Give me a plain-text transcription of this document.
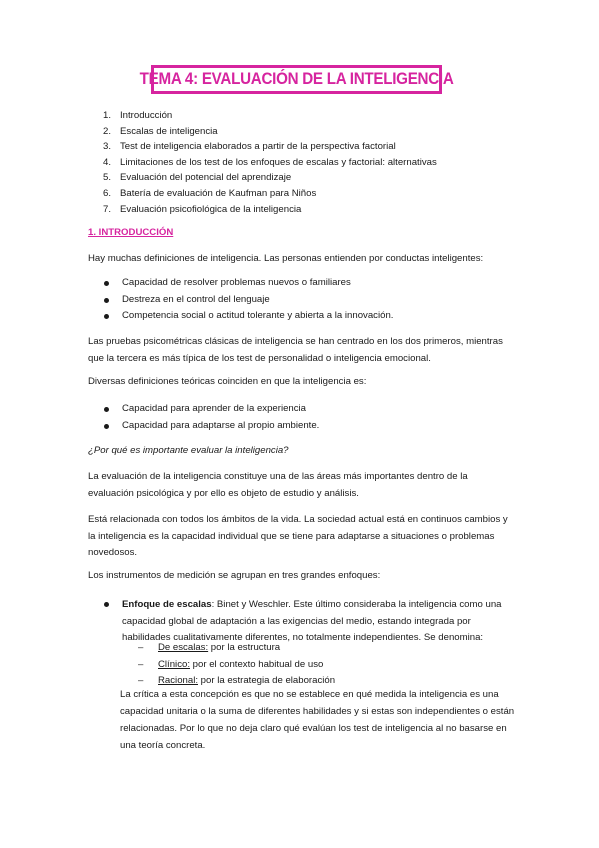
TEMA 4: EVALUACIÓN DE LA INTELIGENCIA
1. Introducción
2. Escalas de inteligencia
3. Test de inteligencia elaborados a partir de la perspectiva factorial
4. Limitaciones de los test de los enfoques de escalas y factorial: alternativas
5. Evaluación del potencial del aprendizaje
6. Batería de evaluación de Kaufman para Niños
7. Evaluación psicofiológica de la inteligencia
1. INTRODUCCIÓN

Hay muchas definiciones de inteligencia. Las personas entienden por conductas inteligentes:

Capacidad de resolver problemas nuevos o familiares
Destreza en el control del lenguaje
Competencia social o actitud tolerante y abierta a la innovación.

Las pruebas psicométricas clásicas de inteligencia se han centrado en los dos primeros, mientras que la tercera es más típica de los test de personalidad o inteligencia emocional.

Diversas definiciones teóricas coinciden en que la inteligencia es:

Capacidad para aprender de la experiencia
Capacidad para adaptarse al propio ambiente.

¿Por qué es importante evaluar la inteligencia?

La evaluación de la inteligencia constituye una de las áreas más importantes dentro de la evaluación psicológica y por ello es objeto de estudio y análisis.

Está relacionada con todos los ámbitos de la vida. La sociedad actual está en continuos cambios y la inteligencia es la capacidad individual que se tiene para adaptarse a situaciones o problemas novedosos.

Los instrumentos de medición se agrupan en tres grandes enfoques:

Enfoque de escalas: Binet y Weschler. Este último consideraba la inteligencia como una capacidad global de adaptación a las exigencias del medio, estando integrada por habilidades cualitativamente diferentes, no totalmente independientes. Se denomina:

– De escalas: por la estructura
– Clínico: por el contexto habitual de uso
– Racional: por la estrategia de elaboración

La crítica a esta concepción es que no se establece en qué medida la inteligencia es una capacidad unitaria o la suma de diferentes habilidades y si estas son independientes o están relacionadas. Por lo que no deja claro qué evalúan los test de inteligencia al no basarse en una teoría concreta.
